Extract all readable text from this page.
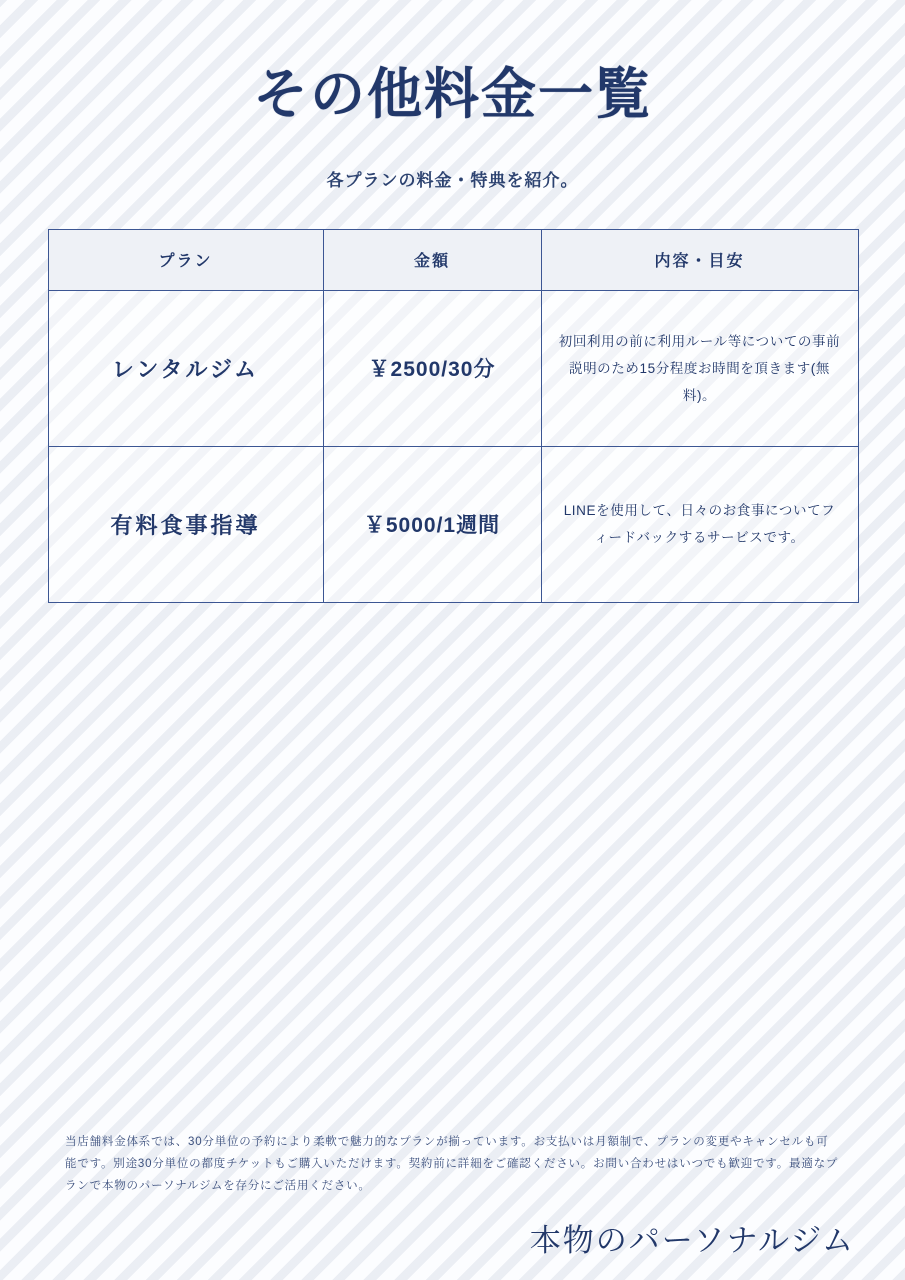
その他料金一覧
各プランの料金・特典を紹介。
プラン	金額	内容・目安
レンタルジム	￥2500/30分	初回利用の前に利用ルール等についての事前説明のため15分程度お時間を頂きます(無料)。
有料食事指導	￥5000/1週間	LINEを使用して、日々のお食事についてフィードバックするサービスです。
当店舗料金体系では、30分単位の予約により柔軟で魅力的なプランが揃っています。お支払いは月額制で、プランの変更やキャンセルも可能です。別途30分単位の都度チケットもご購入いただけます。契約前に詳細をご確認ください。お問い合わせはいつでも歓迎です。最適なプランで本物のパーソナルジムを存分にご活用ください。
本物のパーソナルジム
